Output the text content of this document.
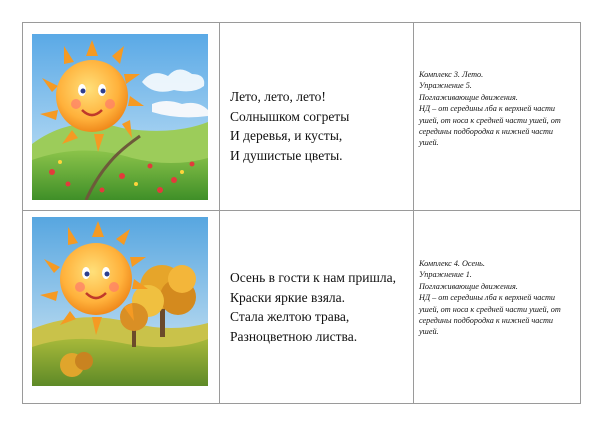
Лето, лето, лето!
Солнышком согреты
И деревья, и кусты,
И душистые цветы.
Комплекс 3. Лето.
Упражнение 5.
Поглаживающие движения.
НД – от середины лба к верхней части ушей, от носа к средней части ушей, от середины подбородка к нижней части ушей.
Осень в гости к нам пришла,
Краски яркие взяла.
Стала желтою трава,
Разноцветною листва.
Комплекс 4. Осень.
Упражнение 1.
Поглаживающие движения.
НД – от середины лба к верхней части ушей, от носа к средней части ушей, от середины подбородка к нижней части ушей.
